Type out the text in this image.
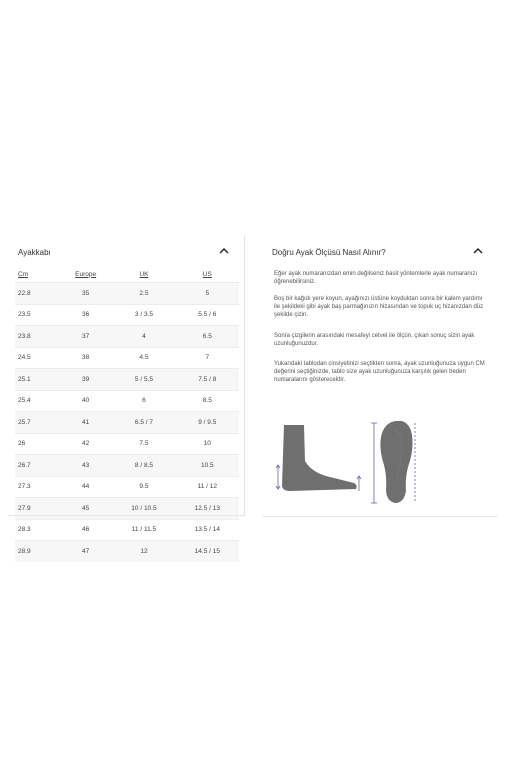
Ayakkabı
Cm	Europe	UK	US
22.8	35	2.5	5
23.5	36	3 / 3.5	5.5 / 6
23.8	37	4	6.5
24.5	38	4.5	7
25.1	39	5 / 5.5	7.5 / 8
25.4	40	6	8.5
25.7	41	6.5 / 7	9 / 9.5
26	42	7.5	10
26.7	43	8 / 8.5	10.5
27.3	44	9.5	11 / 12
27.9	45	10 / 10.5	12.5 / 13
28.3	46	11 / 11.5	13.5 / 14
28.9	47	12	14.5 / 15
Doğru Ayak Ölçüsü Nasıl Alınır?

Eğer ayak numaranızdan emin değilseniz basit yöntemlerle ayak numaranızı öğrenebilirsiniz.

Boş bir kağıdı yere koyun, ayağınızı üstüne koyduktan sonra bir kalem yardımı ile şekildeki gibi ayak baş parmağınızın hizasından ve topuk uç hizanızdan düz şekilde çizin.

Sonra çizgilerin arasındaki mesafeyi cetvel ile ölçün, çıkan sonuç sizin ayak uzunluğunuzdur.

Yukarıdaki tablodan cinsiyetinizi seçtikten sonra, ayak uzunluğunuza uygun CM değerini seçtiğinizde, tablo size ayak uzunluğunuza karşılık gelen beden numaralarını gösterecektir.
